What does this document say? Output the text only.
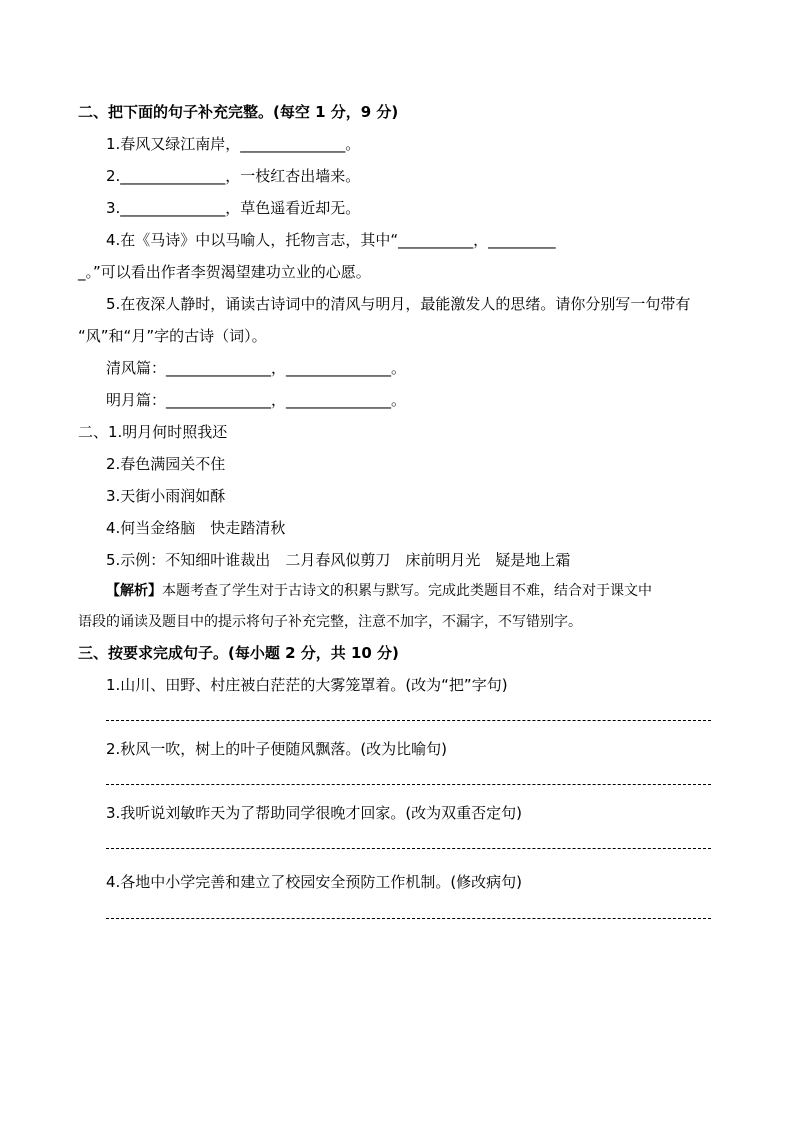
二、把下面的句子补充完整。(每空 1 分，9 分)
1.春风又绿江南岸，______________。
2.______________，一枝红杏出墙来。
3.______________，草色遥看近却无。
4.在《马诗》中以马喻人，托物言志，其中“__________，_________
_。”可以看出作者李贺渴望建功立业的心愿。
5.在夜深人静时，诵读古诗词中的清风与明月，最能激发人的思绪。请你分别写一句带有
“风”和“月”字的古诗（词）。
清风篇：______________，______________。
明月篇：______________，______________。
二、1.明月何时照我还
2.春色满园关不住
3.天街小雨润如酥
4.何当金络脑　快走踏清秋
5.示例：不知细叶谁裁出　二月春风似剪刀　床前明月光　疑是地上霜
【解析】本题考查了学生对于古诗文的积累与默写。完成此类题目不难，结合对于课文中
语段的诵读及题目中的提示将句子补充完整，注意不加字，不漏字，不写错别字。
三、按要求完成句子。(每小题 2 分，共 10 分)
1.山川、田野、村庄被白茫茫的大雾笼罩着。(改为“把”字句)
2.秋风一吹，树上的叶子便随风飘落。(改为比喻句)
3.我听说刘敏昨天为了帮助同学很晚才回家。(改为双重否定句)
4.各地中小学完善和建立了校园安全预防工作机制。(修改病句)
